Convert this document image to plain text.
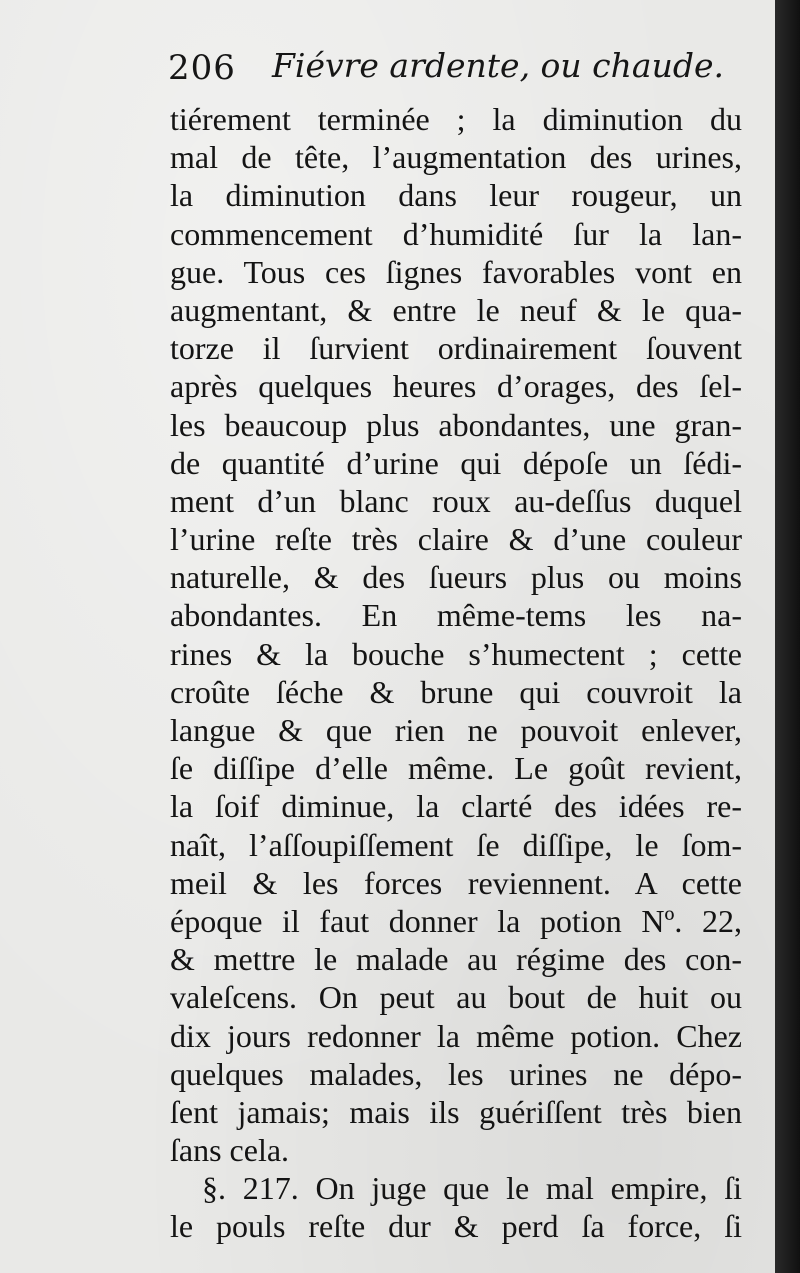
206 Fiévre ardente, ou chaude.
tiérement terminée ; la diminution du
mal de tête, l’augmentation des urines,
la diminution dans leur rougeur, un
commencement d’humidité ſur la lan-
gue. Tous ces ſignes favorables vont en
augmentant, & entre le neuf & le qua-
torze il ſurvient ordinairement ſouvent
après quelques heures d’orages, des ſel-
les beaucoup plus abondantes, une gran-
de quantité d’urine qui dépoſe un ſédi-
ment d’un blanc roux au-deſſus duquel
l’urine reſte très claire & d’une couleur
naturelle, & des ſueurs plus ou moins
abondantes. En même-tems les na-
rines & la bouche s’humectent ; cette
croûte ſéche & brune qui couvroit la
langue & que rien ne pouvoit enlever,
ſe diſſipe d’elle même. Le goût revient,
la ſoif diminue, la clarté des idées re-
naît, l’aſſoupiſſement ſe diſſipe, le ſom-
meil & les forces reviennent. A cette
époque il faut donner la potion Nº. 22,
& mettre le malade au régime des con-
valeſcens. On peut au bout de huit ou
dix jours redonner la même potion. Chez
quelques malades, les urines ne dépo-
ſent jamais; mais ils guériſſent très bien
ſans cela.
§. 217. On juge que le mal empire, ſi
le pouls reſte dur & perd ſa force, ſi
